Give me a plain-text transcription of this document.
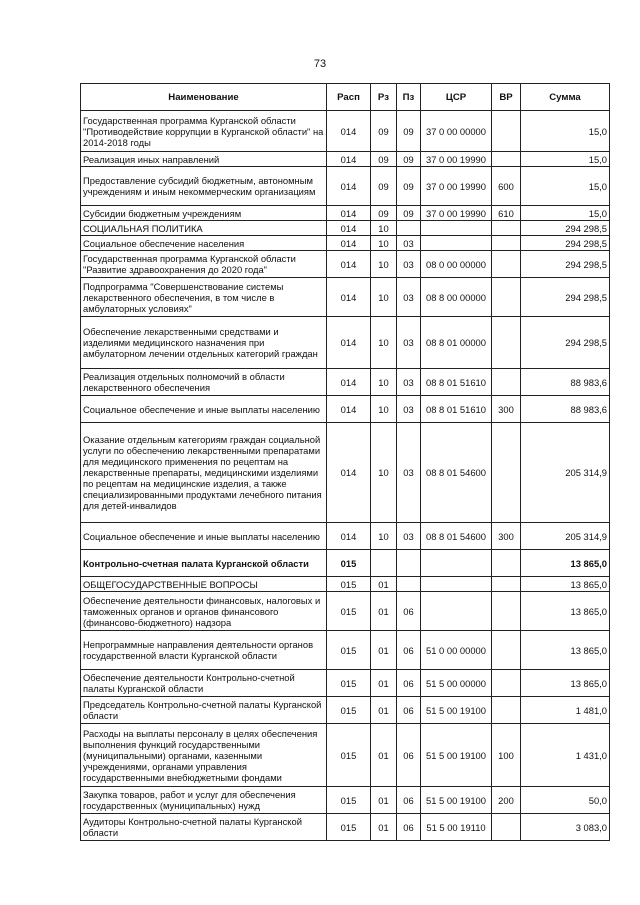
73
Наименование	Расп	Рз	Пз	ЦСР	ВР	Сумма
Государственная программа Курганской области "Противодействие коррупции в Курганской области" на 2014-2018 годы	014	09	09	37 0 00 00000		15,0
Реализация иных направлений	014	09	09	37 0 00 19990		15,0
Предоставление субсидий бюджетным, автономным учреждениям и иным некоммерческим организациям	014	09	09	37 0 00 19990	600	15,0
Субсидии бюджетным учреждениям	014	09	09	37 0 00 19990	610	15,0
СОЦИАЛЬНАЯ ПОЛИТИКА	014	10				294 298,5
Социальное обеспечение населения	014	10	03			294 298,5
Государственная программа Курганской области "Развитие здравоохранения до 2020 года"	014	10	03	08 0 00 00000		294 298,5
Подпрограмма "Совершенствование системы лекарственного обеспечения, в том числе в амбулаторных условиях"	014	10	03	08 8 00 00000		294 298,5
Обеспечение лекарственными средствами и изделиями медицинского назначения при амбулаторном лечении отдельных категорий граждан	014	10	03	08 8 01 00000		294 298,5
Реализация отдельных полномочий в области лекарственного обеспечения	014	10	03	08 8 01 51610		88 983,6
Социальное обеспечение и иные выплаты населению	014	10	03	08 8 01 51610	300	88 983,6
Оказание отдельным категориям граждан социальной услуги по обеспечению лекарственными препаратами для медицинского применения по рецептам на лекарственные препараты, медицинскими изделиями по рецептам на медицинские изделия, а также специализированными продуктами лечебного питания для детей-инвалидов	014	10	03	08 8 01 54600		205 314,9
Социальное обеспечение и иные выплаты населению	014	10	03	08 8 01 54600	300	205 314,9
Контрольно-счетная палата Курганской области	015					13 865,0
ОБЩЕГОСУДАРСТВЕННЫЕ ВОПРОСЫ	015	01				13 865,0
Обеспечение деятельности финансовых, налоговых и таможенных органов и органов финансового (финансово-бюджетного) надзора	015	01	06			13 865,0
Непрограммные направления деятельности органов государственной власти Курганской области	015	01	06	51 0 00 00000		13 865,0
Обеспечение деятельности Контрольно-счетной палаты Курганской области	015	01	06	51 5 00 00000		13 865,0
Председатель Контрольно-счетной палаты Курганской области	015	01	06	51 5 00 19100		1 481,0
Расходы на выплаты персоналу в целях обеспечения выполнения функций государственными (муниципальными) органами, казенными учреждениями, органами управления государственными внебюджетными фондами	015	01	06	51 5 00 19100	100	1 431,0
Закупка товаров, работ и услуг для обеспечения государственных (муниципальных) нужд	015	01	06	51 5 00 19100	200	50,0
Аудиторы Контрольно-счетной палаты Курганской области	015	01	06	51 5 00 19110		3 083,0
